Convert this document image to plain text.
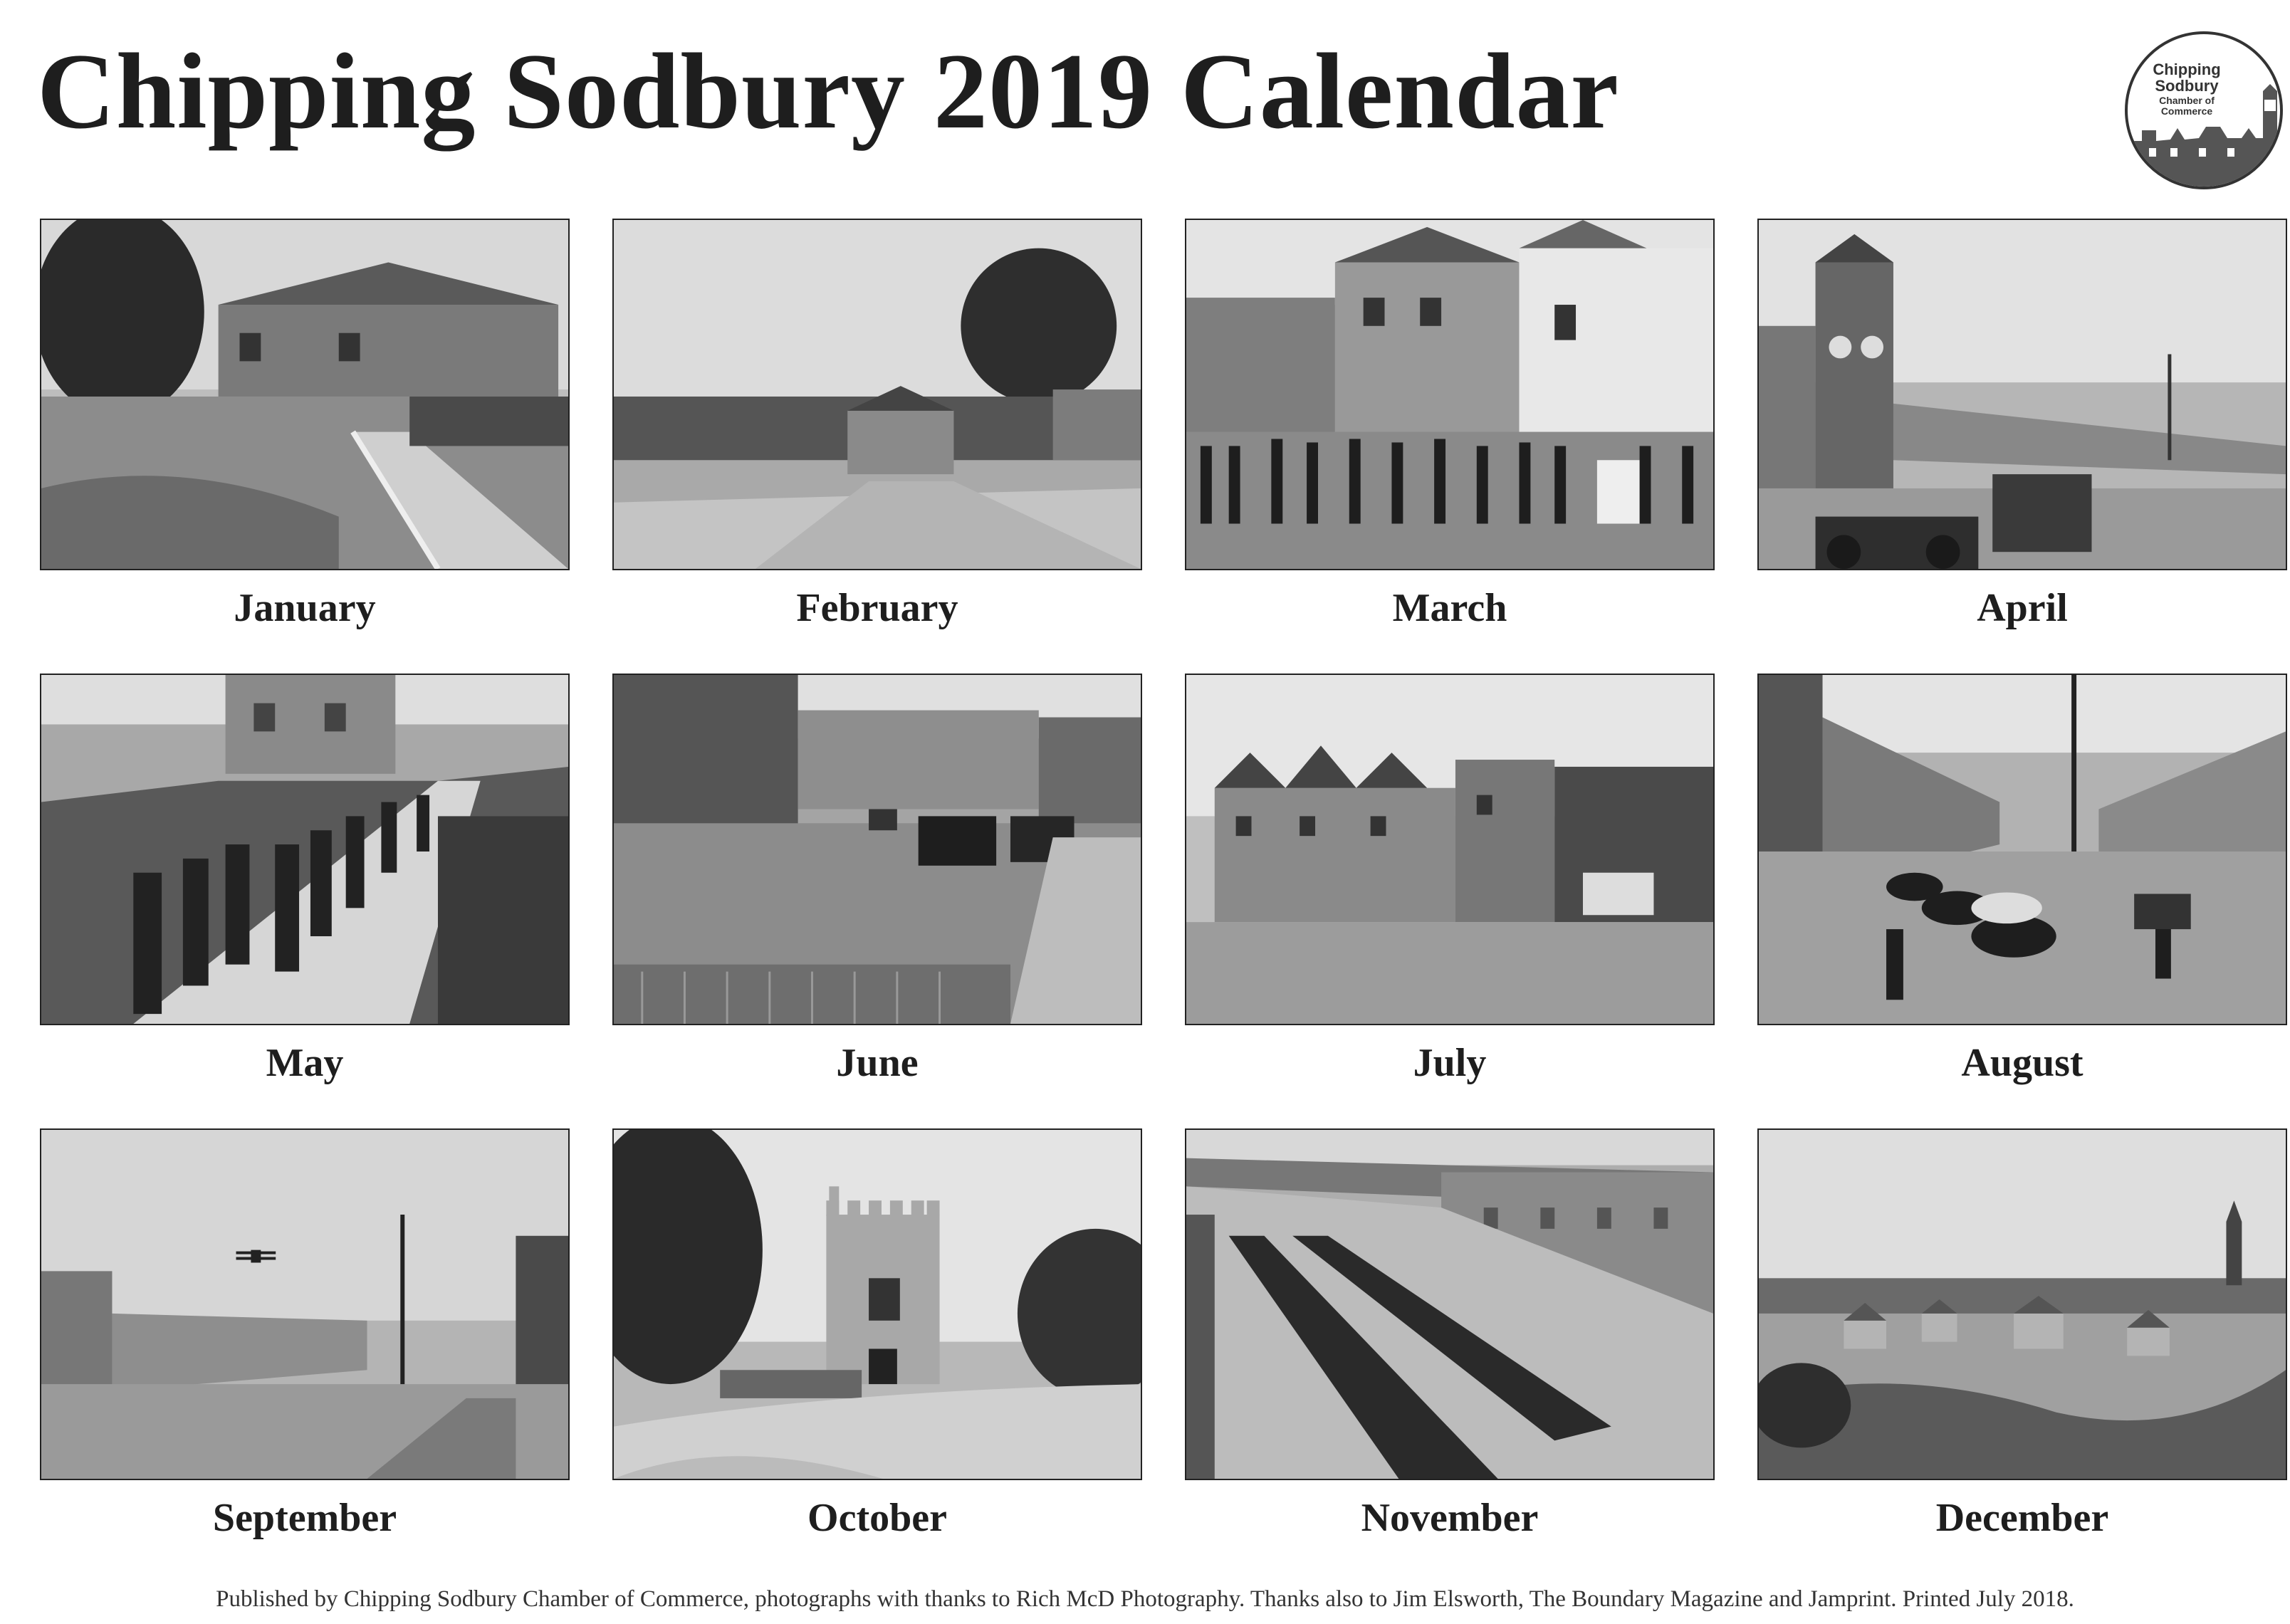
Chipping Sodbury 2019 Calendar	Chipping Sodbury
Chamber of Commerce
January	February	March	April
May	June	July	August
September	October	November	December
Published by Chipping Sodbury Chamber of Commerce, photographs with thanks to Rich McD Photography. Thanks also to Jim Elsworth, The Boundary Magazine and Jamprint. Printed July 2018.
